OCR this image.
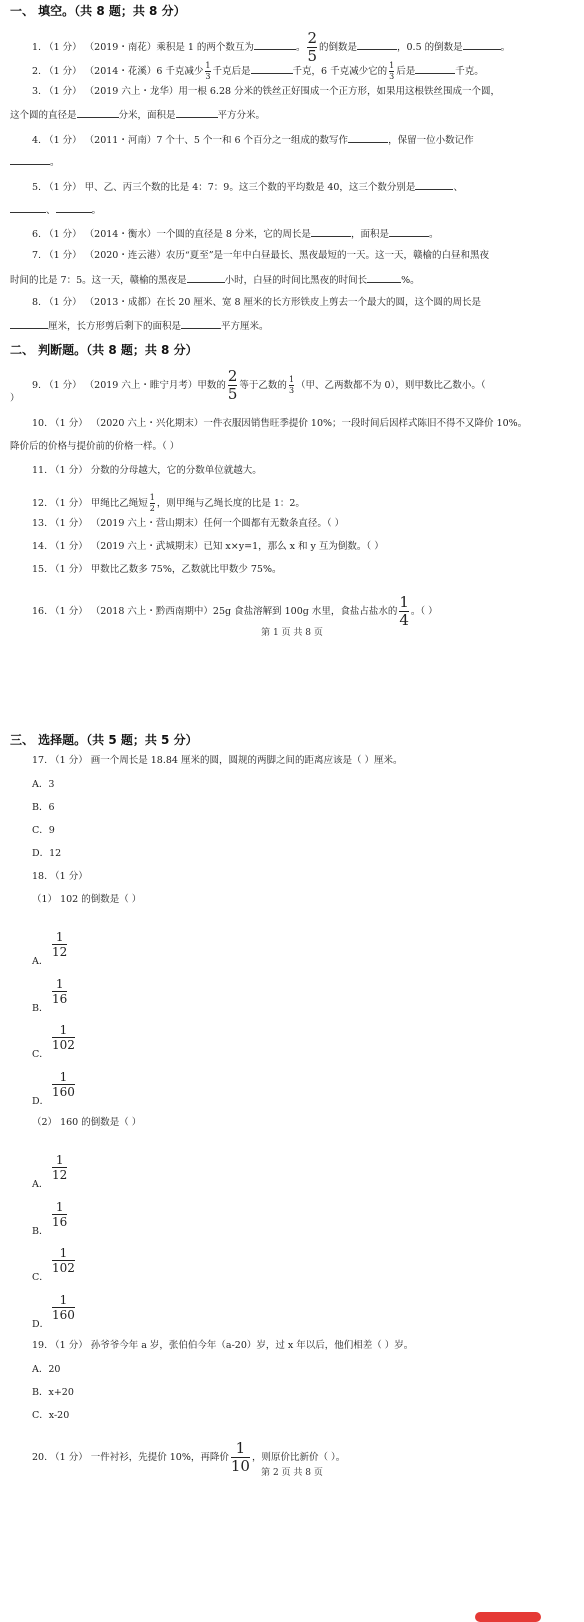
一、 填空。（共 8 题；共 8 分）
1. （1 分） （2019・南花）乘积是 1 的两个数互为	。 $\frac{2}{5}$ 的倒数是	，0.5 的倒数是	。
2. （1 分） （2014・花溪）6 千克减少 $\frac{1}{3}$ 千克后是	千克，6 千克减少它的 $\frac{1}{3}$ 后是	千克。
3. （1 分） （2019 六上・龙华）用一根 6.28 分米的铁丝正好围成一个正方形，如果用这根铁丝围成一个圆，
这个圆的直径是	分米，面积是	平方分米。
4. （1 分） （2011・河南）7 个十、5 个一和 6 个百分之一组成的数写作	，保留一位小数记作
。
5. （1 分） 甲、乙、丙三个数的比是 4：7：9。这三个数的平均数是 40，这三个数分别是	、
、	。
6. （1 分） （2014・衡水）一个圆的直径是 8 分米，它的周长是	，面积是	。
7. （1 分） （2020・连云港）农历“夏至”是一年中白昼最长、黑夜最短的一天。这一天，赣榆的白昼和黑夜
时间的比是 7：5。这一天，赣榆的黑夜是	小时，白昼的时间比黑夜的时间长	%。
8. （1 分） （2013・成都）在长 20 厘米、宽 8 厘米的长方形铁皮上剪去一个最大的圆，这个圆的周长是
厘米，长方形剪后剩下的面积是	平方厘米。
二、 判断题。（共 8 题；共 8 分）
9. （1 分） （2019 六上・睢宁月考）甲数的 $\frac{2}{5}$ 等于乙数的 $\frac{1}{3}$ （甲、乙两数都不为 0），则甲数比乙数小。（
）
10. （1 分） （2020 六上・兴化期末）一件衣服因销售旺季提价 10%；一段时间后因样式陈旧不得不又降价 10%。
降价后的价格与提价前的价格一样。（ ）
11. （1 分） 分数的分母越大，它的分数单位就越大。
12. （1 分） 甲绳比乙绳短 $\frac{1}{2}$ ，则甲绳与乙绳长度的比是 1：2。
13. （1 分） （2019 六上・营山期末）任何一个圆都有无数条直径。（ ）
14. （1 分） （2019 六上・武城期末）已知 x×y=1，那么 x 和 y 互为倒数。（ ）
15. （1 分） 甲数比乙数多 75%，乙数就比甲数少 75%。
16. （1 分） （2018 六上・黔西南期中）25g 食盐溶解到 100g 水里，食盐占盐水的 $\frac{1}{4}$ 。（ ）
第 1 页 共 8 页
三、 选择题。（共 5 题；共 5 分）
17. （1 分） 画一个周长是 18.84 厘米的圆，圆规的两脚之间的距离应该是（ ）厘米。
A．3
B．6
C．9
D．12
18. （1 分）
（1） 102 的倒数是（ ）
A．
1
12
B．
1
16
C．
1
102
D．
1
160
（2） 160 的倒数是（ ）
A．
1
12
B．
1
16
C．
1
102
D．
1
160
19. （1 分） 孙爷爷今年 a 岁，张伯伯今年（a-20）岁，过 x 年以后，他们相差（ ）岁。
A．20
B．x+20
C．x-20
20. （1 分） 一件衬衫，先提价 10%，再降价 $\frac{1}{10}$ ，则原价比新价（ ）。
第 2 页 共 8 页
